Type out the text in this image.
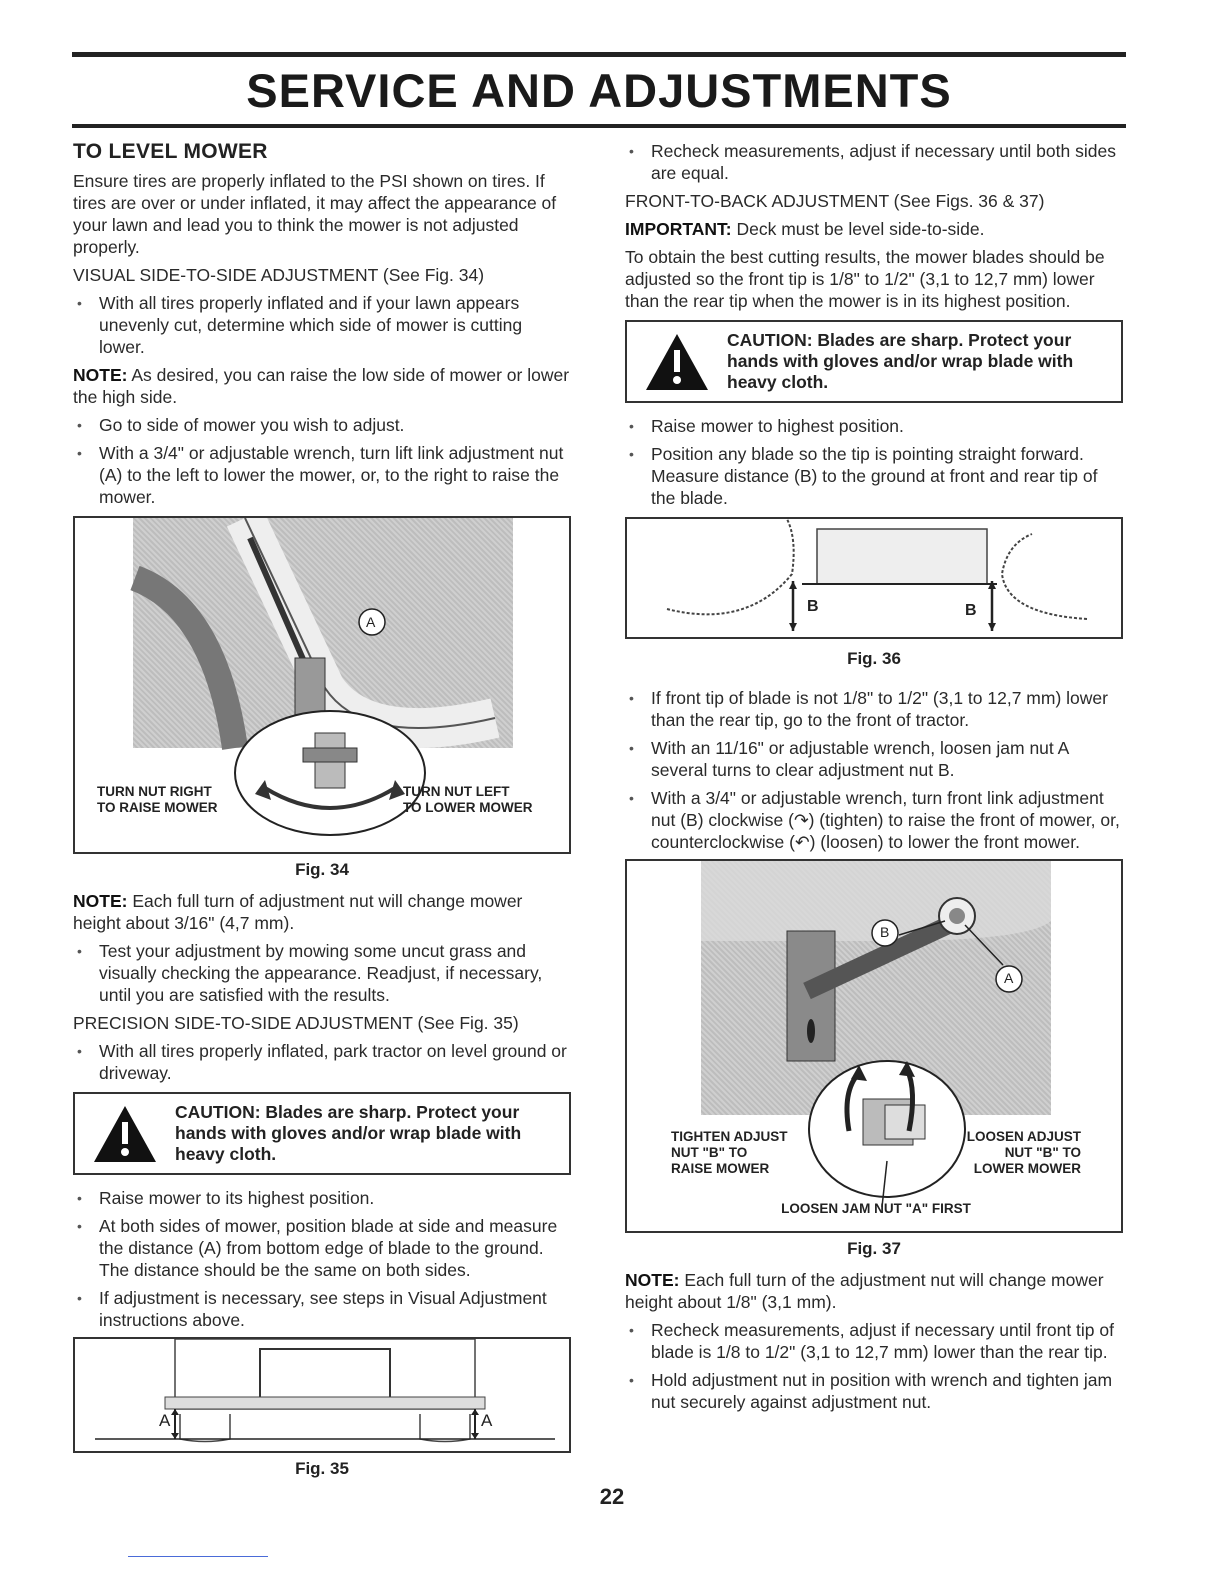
SERVICE AND ADJUSTMENTS
TO LEVEL MOWER

Ensure tires are properly inflated to the PSI shown on tires. If tires are over or under inflated, it may affect the appearance of your lawn and lead you to think the mower is not adjusted properly.

VISUAL SIDE-TO-SIDE ADJUSTMENT (See Fig. 34)

• With all tires properly inflated and if your lawn appears unevenly cut, determine which side of mower is cutting lower.

NOTE: As desired, you can raise the low side of mower or lower the high side.

• Go to side of mower you wish to adjust.
• With a 3/4" or adjustable wrench, turn lift link adjustment nut (A) to the left to lower the mower, or, to the right to raise the mower.
A
TURN NUT RIGHT
TO RAISE MOWER
TURN NUT LEFT
TO LOWER MOWER
Fig. 34

NOTE: Each full turn of adjustment nut will change mower height about 3/16" (4,7 mm).

• Test your adjustment by mowing some uncut grass and visually checking the appearance. Readjust, if necessary, until you are satisfied with the results.

PRECISION SIDE-TO-SIDE ADJUSTMENT (See Fig. 35)

• With all tires properly inflated, park tractor on level ground or driveway.
CAUTION: Blades are sharp. Protect your hands with gloves and/or wrap blade with heavy cloth.
• Raise mower to its highest position.
• At both sides of mower, position blade at side and measure the distance (A) from bottom edge of blade to the ground. The distance should be the same on both sides.
• If adjustment is necessary, see steps in Visual Adjustment instructions above.
A	A
Fig. 35
• Recheck measurements, adjust if necessary until both sides are equal.

FRONT-TO-BACK ADJUSTMENT (See Figs. 36 & 37)

IMPORTANT: Deck must be level side-to-side.

To obtain the best cutting results, the mower blades should be adjusted so the front tip is 1/8" to 1/2" (3,1 to 12,7 mm) lower than the rear tip when the mower is in its highest position.

CAUTION: Blades are sharp. Protect your hands with gloves and/or wrap blade with heavy cloth.
• Raise mower to highest position.
• Position any blade so the tip is pointing straight forward. Measure distance (B) to the ground at front and rear tip of the blade.
B	B
Fig. 36
• If front tip of blade is not 1/8" to 1/2" (3,1 to 12,7 mm) lower than the rear tip, go to the front of tractor.
• With an 11/16" or adjustable wrench, loosen jam nut A several turns to clear adjustment nut B.
• With a 3/4" or adjustable wrench, turn front link adjustment nut (B) clockwise (↷) (tighten) to raise the front of mower, or, counterclockwise (↶) (loosen) to lower the front mower.
B
A
TIGHTEN ADJUST
NUT "B" TO
RAISE MOWER
LOOSEN ADJUST
NUT "B" TO
LOWER MOWER
LOOSEN JAM NUT "A" FIRST
Fig. 37

NOTE: Each full turn of the adjustment nut will change mower height about 1/8" (3,1 mm).

• Recheck measurements, adjust if necessary until front tip of blade is 1/8 to 1/2" (3,1 to 12,7 mm) lower than the rear tip.
• Hold adjustment nut in position with wrench and tighten jam nut securely against adjustment nut.
22
